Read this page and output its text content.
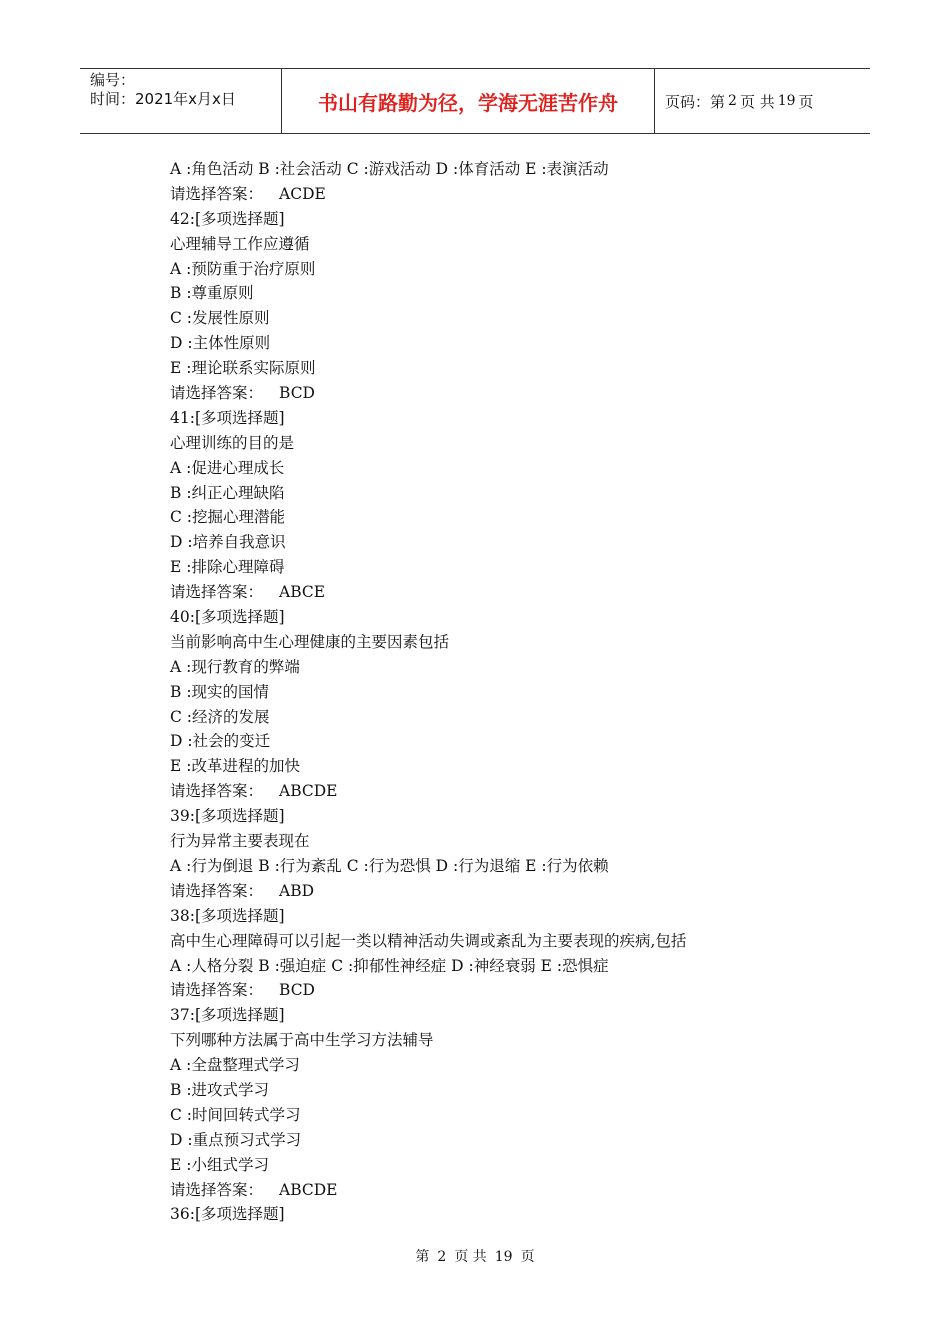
编号：
时间：2021年x月x日	书山有路勤为径，学海无涯苦作舟	页码：第 2 页 共 19 页
A :角色活动 B :社会活动 C :游戏活动 D :体育活动 E :表演活动
请选择答案： ACDE
42:[多项选择题]
心理辅导工作应遵循
A :预防重于治疗原则
B :尊重原则
C :发展性原则
D :主体性原则
E :理论联系实际原则
请选择答案： BCD
41:[多项选择题]
心理训练的目的是
A :促进心理成长
B :纠正心理缺陷
C :挖掘心理潜能
D :培养自我意识
E :排除心理障碍
请选择答案： ABCE
40:[多项选择题]
当前影响高中生心理健康的主要因素包括
A :现行教育的弊端
B :现实的国情
C :经济的发展
D :社会的变迁
E :改革进程的加快
请选择答案： ABCDE
39:[多项选择题]
行为异常主要表现在
A :行为倒退 B :行为紊乱 C :行为恐惧 D :行为退缩 E :行为依赖
请选择答案： ABD
38:[多项选择题]
高中生心理障碍可以引起一类以精神活动失调或紊乱为主要表现的疾病,包括
A :人格分裂 B :强迫症 C :抑郁性神经症 D :神经衰弱 E :恐惧症
请选择答案： BCD
37:[多项选择题]
下列哪种方法属于高中生学习方法辅导
A :全盘整理式学习
B :进攻式学习
C :时间回转式学习
D :重点预习式学习
E :小组式学习
请选择答案： ABCDE
36:[多项选择题]
第 2 页 共 19 页
